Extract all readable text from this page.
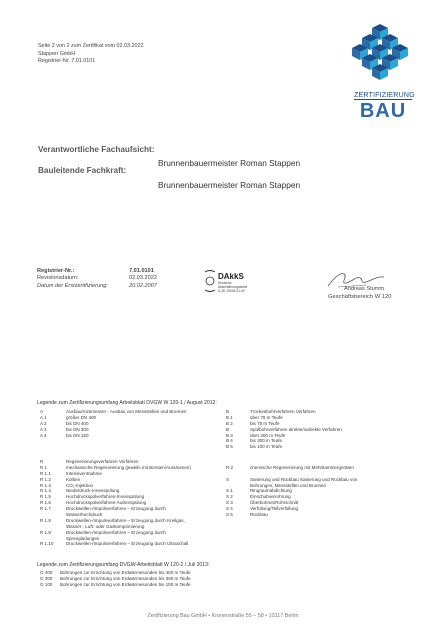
Seite 2 von 2 zum Zertifikat vom 02.03.2022
Stappen GmbH
Registrier-Nr. 7.01.0101
ZERTIFIZIERUNG
BAU
Verantwortliche Fachaufsicht:
Brunnenbauermeister Roman Stappen
Bauleitende Fachkraft:
Brunnenbauermeister Roman Stappen
Registrier-Nr.:	7.01.0101
Revisionsdatum:	02.03.2022
Datum der Erstzertifizierung:	20.02.2007
DAkkS
Deutsche
Akkreditierungsstelle
D-ZE-19004-01-00	Andreas Stumm
Geschäftsbereich W 120
Legende zum Zertifizierungsumfang Arbeitsblatt DVGW W 120-1 / August 2012:
A	Ausbau/rückmesser - Ausbau von Messstellen und Brunnen
A 1	größer DN 400
A 2	bis DN 400
A 3	bis DN 300
A 4	bis DN 150
B	Trockenbohrverfahren Verfahren
B 1	über 75 m Teufe
B 2	bis 75 m Teufe
B	Spülbohrverfahren direkte/indirekte Verfahren
B 3	über 300 m Teufe
B 4	bis 300 m Teufe
B 5	bis 100 m Teufe
R	Regenerierungsverfahren Verfahren
R 1	mechanische Regenerierung (jeweils mit Bürsten/Ausräumen)
R 1.1	Intensiventnahme
R 1.2	Kolben
R 1.3	CO₂-Injektion
R 1.4	Niederdruck-Innenspülung
R 1.5	Hochdruckspülverfahren-Innenspülung
R 1.6	Hochdruckspülverfahren-Außenspülung
R 1.7	Druckwellen-/Impulsverfahren – Erzeugung durch
Wasserhochdruck
R 1.8	Druckwellen-/Impulsverfahren – Erzeugung durch Kreilgas,
Wasser-, Luft- oder Gaskomprimierung
R 1.9	Druckwellen-/Impulsverfahren – Erzeugung durch
Sprengladungen
R 1.10	Druckwellen-/Impulsverfahren – Erzeugung durch Ultraschall
R 2	chemische Regenerierung mit Mehrkammergeräten
S	Sanierung und Rückbau Sanierung und Rückbau von
Bohrungen, Messstellen und Brunnen
S 1	Ringraumabdichtung
S 2	Einschubverrohrung
S 3	Überbohren/Rohrschnitt
S 4	Verfüllung/Teilverfüllung
S 5	Rückbau
Legende zum Zertifizierungsumfang DVGW-Arbeitsblatt W 120-2 / Juli 2013:
G 400 Bohrungen zur Errichtung von Erdwärmesonden bis 400 m Teufe
G 300 Bohrungen zur Errichtung von Erdwärmesonden bis 300 m Teufe
G 100 Bohrungen zur Errichtung von Erdwärmesonden bis 100 m Teufe
Zertifizierung Bau GmbH • Kronenstraße 55 – 58 • 10117 Berlin
